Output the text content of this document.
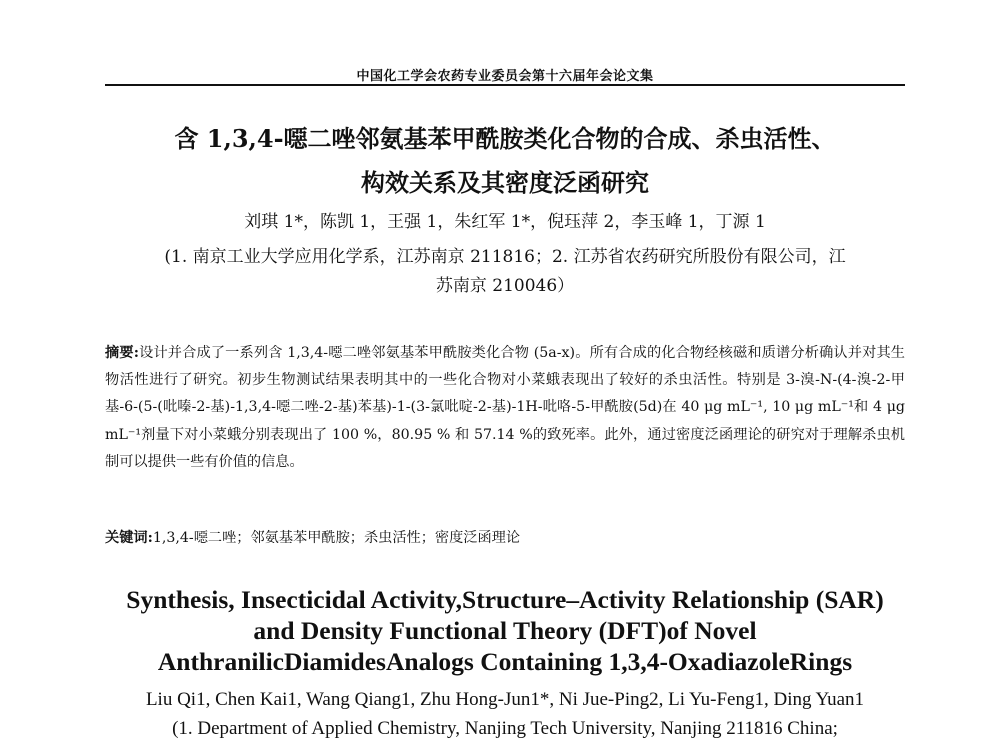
中国化工学会农药专业委员会第十六届年会论文集
含 1,3,4-噁二唑邻氨基苯甲酰胺类化合物的合成、杀虫活性、
构效关系及其密度泛函研究
刘琪 1*，陈凯 1，王强 1，朱红军 1*，倪珏萍 2，李玉峰 1，丁源 1
(1. 南京工业大学应用化学系，江苏南京 211816；2. 江苏省农药研究所股份有限公司，江
苏南京 210046）
摘要:设计并合成了一系列含 1,3,4-噁二唑邻氨基苯甲酰胺类化合物 (5a-x)。所有合成的化合物经核磁和质谱分析确认并对其生物活性进行了研究。初步生物测试结果表明其中的一些化合物对小菜蛾表现出了较好的杀虫活性。特别是 3-溴-N-(4-溴-2-甲基-6-(5-(吡嗪-2-基)-1,3,4-噁二唑-2-基)苯基)-1-(3-氯吡啶-2-基)-1H-吡咯-5-甲酰胺(5d)在 40 μg mL⁻¹, 10 μg mL⁻¹和 4 μg mL⁻¹剂量下对小菜蛾分别表现出了 100 %，80.95 % 和 57.14 %的致死率。此外，通过密度泛函理论的研究对于理解杀虫机制可以提供一些有价值的信息。
关键词:1,3,4-噁二唑；邻氨基苯甲酰胺；杀虫活性；密度泛函理论
Synthesis, Insecticidal Activity,Structure–Activity Relationship (SAR)
and Density Functional Theory (DFT)of Novel
AnthranilicDiamidesAnalogs Containing 1,3,4-OxadiazoleRings
Liu Qi1, Chen Kai1, Wang Qiang1, Zhu Hong-Jun1*, Ni Jue-Ping2, Li Yu-Feng1, Ding Yuan1
(1. Department of Applied Chemistry, Nanjing Tech University, Nanjing 211816 China;
